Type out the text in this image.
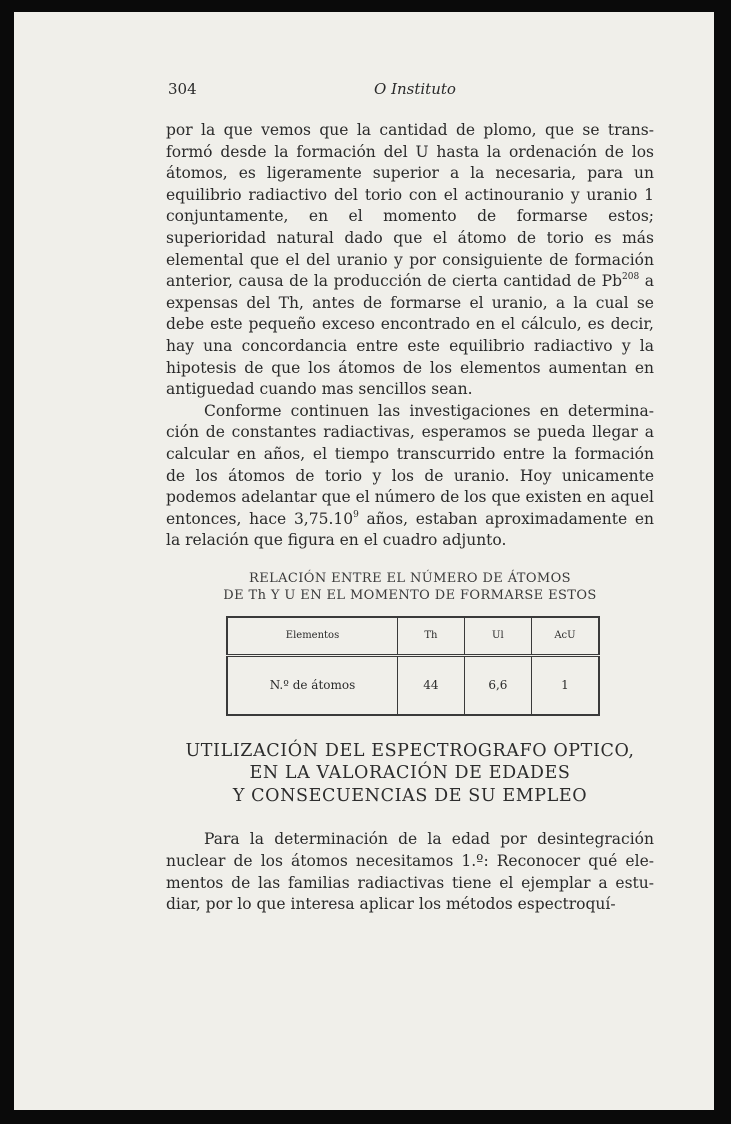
304	O Instituto

por la que vemos que la cantidad de plomo, que se transformó desde la formación del U hasta la ordenación de los átomos, es ligeramente superior a la necesaria, para un equilibrio radiactivo del torio con el actinouranio y uranio 1 conjuntamente, en el momento de formarse estos; superioridad natural dado que el átomo de torio es más elemental que el del uranio y por consiguiente de formación anterior, causa de la producción de cierta cantidad de Pb$^{208}$ a expensas del Th, antes de formarse el uranio, a la cual se debe este pequeño exceso encontrado en el cálculo, es decir, hay una concordancia entre este equilibrio radiactivo y la hipotesis de que los átomos de los elementos aumentan en antiguedad cuando mas sencillos sean.

Conforme continuen las investigaciones en determinación de constantes radiactivas, esperamos se pueda llegar a calcular en años, el tiempo transcurrido entre la formación de los átomos de torio y los de uranio. Hoy unicamente podemos adelantar que el número de los que existen en aquel entonces, hace 3,75.10$^9$ años, estaban aproximadamente en la relación que figura en el cuadro adjunto.

RELACIÓN ENTRE EL NÚMERO DE ÁTOMOS
DE Th Y U EN EL MOMENTO DE FORMARSE ESTOS
Elementos	Th	Ul	AcU
N.º de átomos	44	6,6	1
UTILIZACIÓN DEL ESPECTROGRAFO OPTICO,
EN LA VALORACIÓN DE EDADES
Y CONSECUENCIAS DE SU EMPLEO

Para la determinación de la edad por desintegración nuclear de los átomos necesitamos 1.º: Reconocer qué elementos de las familias radiactivas tiene el ejemplar a estudiar, por lo que interesa aplicar los métodos espectroquí-
